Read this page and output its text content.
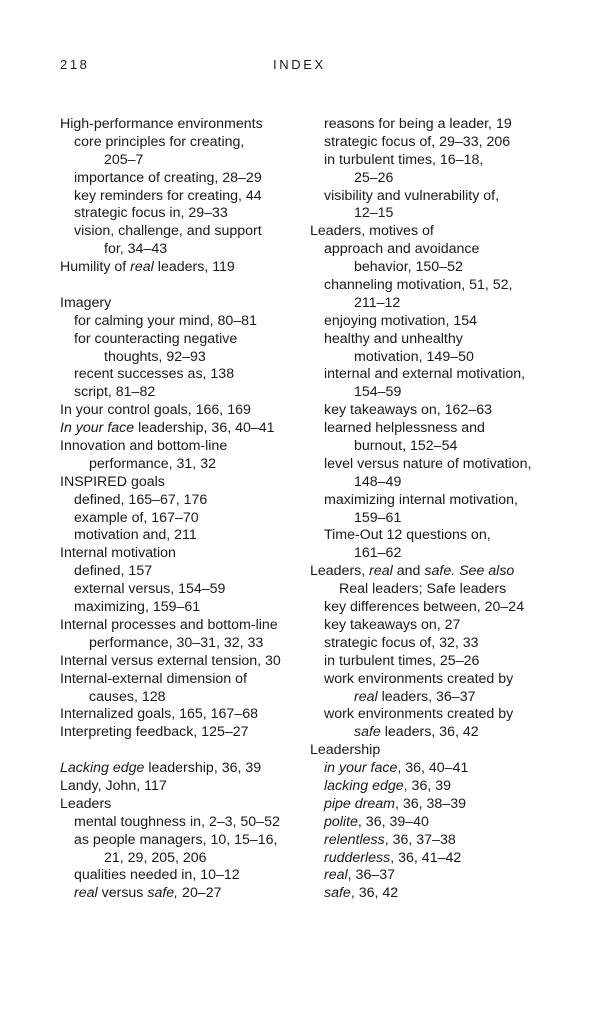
218	INDEX
High-performance environments
core principles for creating,
205–7
importance of creating, 28–29
key reminders for creating, 44
strategic focus in, 29–33
vision, challenge, and support
for, 34–43
Humility of real leaders, 119
Imagery
for calming your mind, 80–81
for counteracting negative
thoughts, 92–93
recent successes as, 138
script, 81–82
In your control goals, 166, 169
In your face leadership, 36, 40–41
Innovation and bottom-line
performance, 31, 32
INSPIRED goals
defined, 165–67, 176
example of, 167–70
motivation and, 211
Internal motivation
defined, 157
external versus, 154–59
maximizing, 159–61
Internal processes and bottom-line
performance, 30–31, 32, 33
Internal versus external tension, 30
Internal-external dimension of
causes, 128
Internalized goals, 165, 167–68
Interpreting feedback, 125–27
Lacking edge leadership, 36, 39
Landy, John, 117
Leaders
mental toughness in, 2–3, 50–52
as people managers, 10, 15–16,
21, 29, 205, 206
qualities needed in, 10–12
real versus safe, 20–27
reasons for being a leader, 19
strategic focus of, 29–33, 206
in turbulent times, 16–18,
25–26
visibility and vulnerability of,
12–15
Leaders, motives of
approach and avoidance
behavior, 150–52
channeling motivation, 51, 52,
211–12
enjoying motivation, 154
healthy and unhealthy
motivation, 149–50
internal and external motivation,
154–59
key takeaways on, 162–63
learned helplessness and
burnout, 152–54
level versus nature of motivation,
148–49
maximizing internal motivation,
159–61
Time-Out 12 questions on,
161–62
Leaders, real and safe. See also
Real leaders; Safe leaders
key differences between, 20–24
key takeaways on, 27
strategic focus of, 32, 33
in turbulent times, 25–26
work environments created by
real leaders, 36–37
work environments created by
safe leaders, 36, 42
Leadership
in your face, 36, 40–41
lacking edge, 36, 39
pipe dream, 36, 38–39
polite, 36, 39–40
relentless, 36, 37–38
rudderless, 36, 41–42
real, 36–37
safe, 36, 42
